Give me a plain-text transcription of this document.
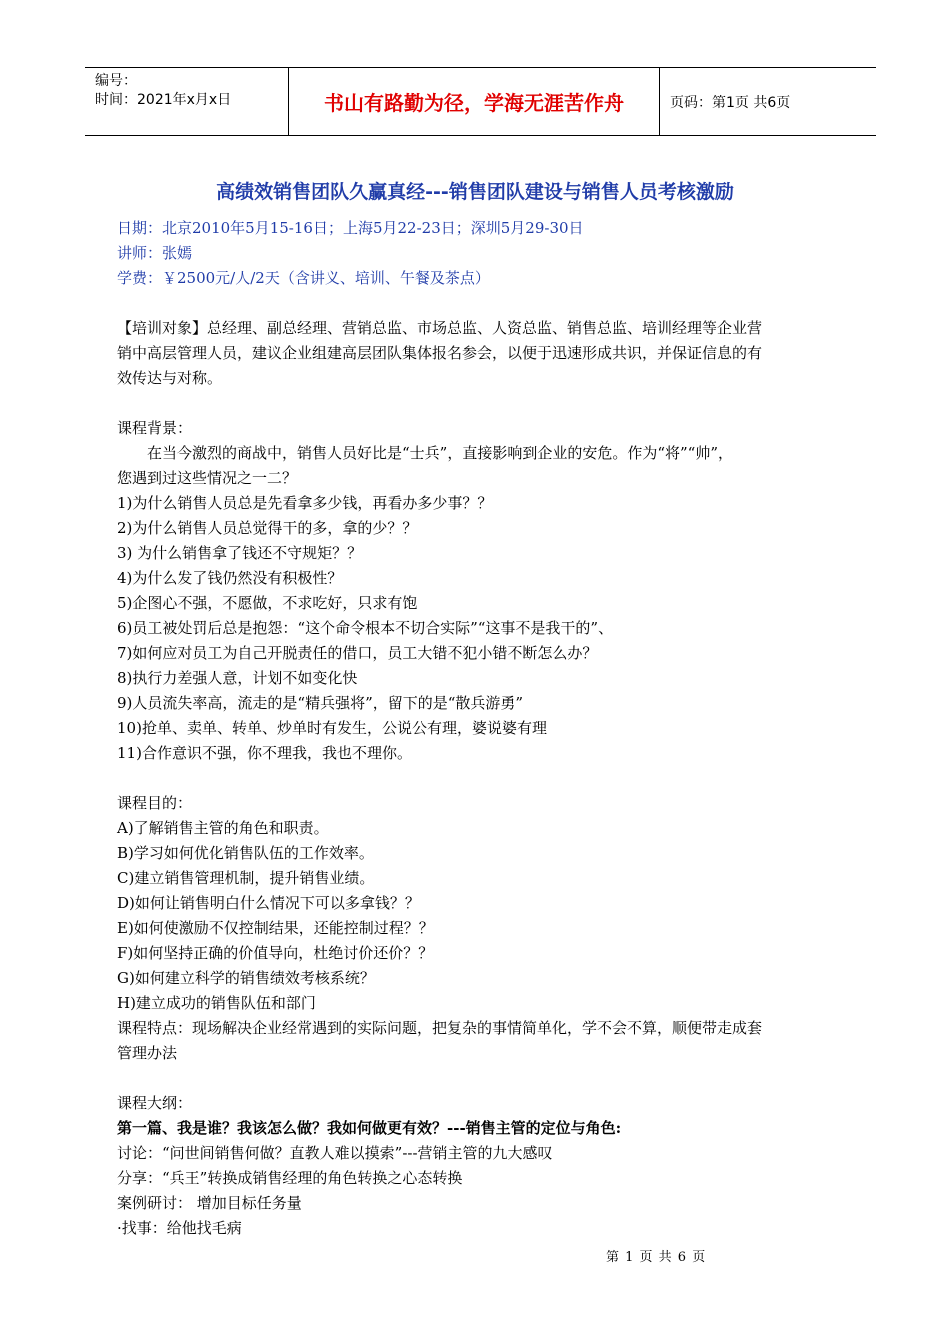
编号：
时间：2021年x月x日	书山有路勤为径，学海无涯苦作舟	页码：第1页 共6页
高绩效销售团队久赢真经---销售团队建设与销售人员考核激励
日期：北京2010年5月15-16日；上海5月22-23日；深圳5月29-30日
讲师：张嫣
学费：￥2500元/人/2天（含讲义、培训、午餐及茶点）
【培训对象】总经理、副总经理、营销总监、市场总监、人资总监、销售总监、培训经理等企业营
销中高层管理人员，建议企业组建高层团队集体报名参会，以便于迅速形成共识，并保证信息的有
效传达与对称。
课程背景：
在当今激烈的商战中，销售人员好比是“士兵”，直接影响到企业的安危。作为“将”“帅”，
您遇到过这些情况之一二？
1)为什么销售人员总是先看拿多少钱，再看办多少事？？
2)为什么销售人员总觉得干的多，拿的少？？
3) 为什么销售拿了钱还不守规矩？？
4)为什么发了钱仍然没有积极性？
5)企图心不强，不愿做，不求吃好，只求有饱
6)员工被处罚后总是抱怨：“这个命令根本不切合实际”“这事不是我干的”、
7)如何应对员工为自己开脱责任的借口，员工大错不犯小错不断怎么办？
8)执行力差强人意，计划不如变化快
9)人员流失率高，流走的是“精兵强将”，留下的是“散兵游勇”
10)抢单、卖单、转单、炒单时有发生，公说公有理，婆说婆有理
11)合作意识不强，你不理我，我也不理你。
课程目的：
A)了解销售主管的角色和职责。
B)学习如何优化销售队伍的工作效率。
C)建立销售管理机制，提升销售业绩。
D)如何让销售明白什么情况下可以多拿钱？？
E)如何使激励不仅控制结果，还能控制过程？？
F)如何坚持正确的价值导向，杜绝讨价还价？？
G)如何建立科学的销售绩效考核系统？
H)建立成功的销售队伍和部门
课程特点：现场解决企业经常遇到的实际问题，把复杂的事情简单化，学不会不算，顺便带走成套
管理办法
课程大纲：
第一篇、我是谁？我该怎么做？我如何做更有效？---销售主管的定位与角色:
讨论：“问世间销售何做？直教人难以摸索”---营销主管的九大感叹
分享：“兵王”转换成销售经理的角色转换之心态转换
案例研讨： 增加目标任务量
·找事：给他找毛病
第 1 页 共 6 页
